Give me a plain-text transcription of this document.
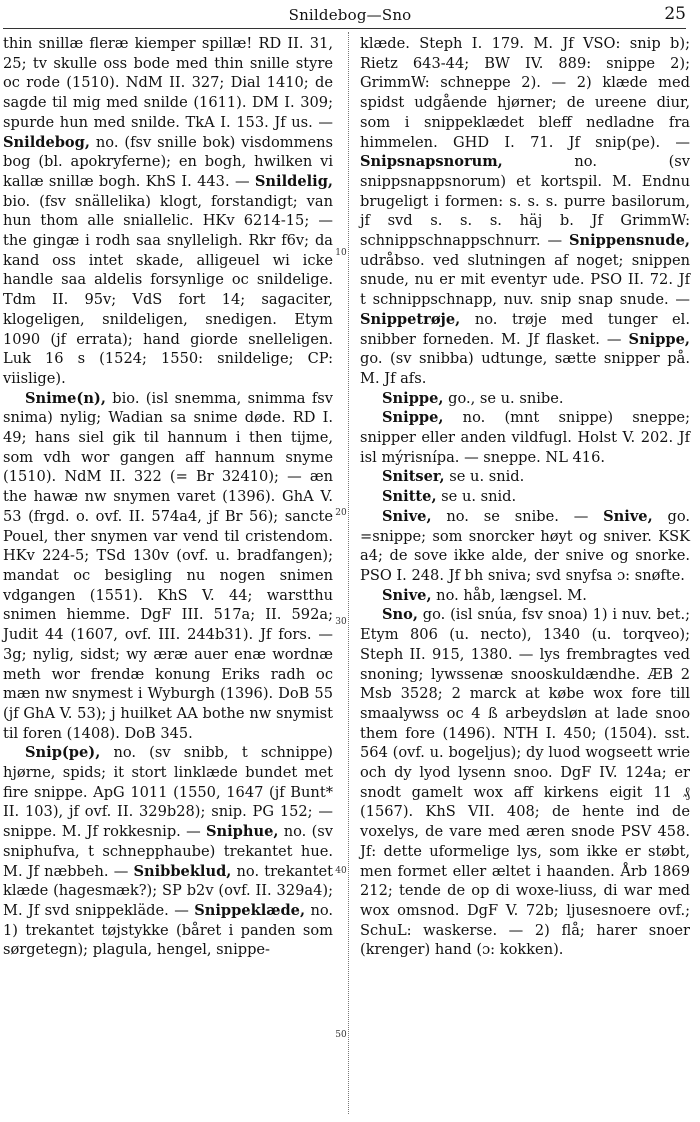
Snildebog—Sno	25
10
20
30
40
50

thin snillæ fleræ kiemper spillæ! RD II. 31, 25; tv skulle oss bode med thin snille styre oc rode (1510). NdM II. 327; Dial 1410; de sagde til mig med snilde (1611). DM I. 309; spurde hun med snilde. TkA I. 153. Jf us. — Snildebog, no. (fsv snille bok) visdommens bog (bl. apokryferne); en bogh, hwilken vi kallæ snillæ bogh. KhS I. 443. — Snildelig, bio. (fsv snällelika) klogt, forstandigt; van hun thom alle sniallelic. HKv 6214-15; — the gingæ i rodh saa snylleligh. Rkr f6v; da kand oss intet skade, alligeuel wi icke handle saa aldelis forsynlige oc snildelige. Tdm II. 95v; VdS fort 14; sagaciter, klogeligen, snildeligen, snedigen. Etym 1090 (jf errata); hand giorde snelleligen. Luk 16 s (1524; 1550: snildelige; CP: viislige).

Snime(n), bio. (isl snemma, snimma fsv snima) nylig; Wadian sa snime døde. RD I. 49; hans siel gik til hannum i then tijme, som vdh wor gangen aff hannum snyme (1510). NdM II. 322 (= Br 32410); — æn the hawæ nw snymen varet (1396). GhA V. 53 (frgd. o. ovf. II. 574a4, jf Br 56); sancte Pouel, ther snymen var vend til cristendom. HKv 224-5; TSd 130v (ovf. u. bradfangen); mandat oc besigling nu nogen snimen vdgangen (1551). KhS V. 44; warstthu snimen hiemme. DgF III. 517a; II. 592a; Judit 44 (1607, ovf. III. 244b31). Jf fors. — 3g; nylig, sidst; wy æræ auer enæ wordnæ meth wor frendæ konung Eriks radh oc mæn nw snymest i Wyburgh (1396). DoB 55 (jf GhA V. 53); j huilket AA bothe nw snymist til foren (1408). DoB 345.

Snip(pe), no. (sv snibb, t schnippe) hjørne, spids; it stort linklæde bundet met fire snippe. ApG 1011 (1550, 1647 (jf Bunt* II. 103), jf ovf. II. 329b28); snip. PG 152; — snippe. M. Jf rokkesnip. — Sniphue, no. (sv sniphufva, t schnepphaube) trekantet hue. M. Jf næbbeh. — Snibbeklud, no. trekantet klæde (hagesmæk?); SP b2v (ovf. II. 329a4); M. Jf svd snippekläde. — Snippeklæde, no. 1) trekantet tøjstykke (båret i panden som sørgetegn); plagula, hengel, snippe-

klæde. Steph I. 179. M. Jf VSO: snip b); Rietz 643-44; BW IV. 889: snippe 2); GrimmW: schneppe 2). — 2) klæde med spidst udgående hjørner; de ureene diur, som i snippeklædet bleff nedladne fra himmelen. GHD I. 71. Jf snip(pe). — Snipsnapsnorum, no. (sv snippsnappsnorum) et kortspil. M. Endnu brugeligt i formen: s. s. s. purre basilorum, jf svd s. s. s. häj b. Jf GrimmW: schnippschnappschnurr. — Snippensnude, udråbsо. ved slutningen af noget; snippen snude, nu er mit eventyr ude. PSO II. 72. Jf t schnippschnapp, nuv. snip snap snude. — Snippetrøje, no. trøje med tunger el. snibber forneden. M. Jf flasket. — Snippe, go. (sv snibba) udtunge, sætte snipper på. M. Jf afs.

Snippe, go., se u. snibe.

Snippe, no. (mnt snippe) sneppe; snipper eller anden vildfugl. Holst V. 202. Jf isl mýrisnípa. — sneppe. NL 416.

Snitser, se u. snid.

Snitte, se u. snid.

Snive, no. se snibe. — Snive, go. =snippe; som snorcker høyt og sniver. KSK a4; de sove ikke alde, der snive og snorke. PSO I. 248. Jf bh sniva; svd snyfsa ɔ: snøfte.

Snive, no. håb, længsel. M.

Sno, go. (isl snúa, fsv snoa) 1) i nuv. bet.; Etym 806 (u. necto), 1340 (u. torqveo); Steph II. 915, 1380. — lys frembragtes ved snoning; lywssenæ snooskuldændhe. ÆB 2 Msb 3528; 2 marck at købe wox fore till smaalywss oc 4 ß arbeydsløn at lade snoo them fore (1496). NTH I. 450; (1504). sst. 564 (ovf. u. bogeljus); dy luod wogseett wrie och dy lyod lysenn snoo. DgF IV. 124a; er snodt gamelt wox aff kirkens eigit 11 ₰ (1567). KhS VII. 408; de hente ind de voxelys, de vare med æren snode PSV 458. Jf: dette uformelige lys, som ikke er støbt, men formet eller æltet i haanden. Årb 1869 212; tende de op di woxe-liuss, di war med wox omsnod. DgF V. 72b; ljusesnoere ovf.; SchuL: waskerse. — 2) flå; harer snoer (krenger) hand (ɔ: kokken).
